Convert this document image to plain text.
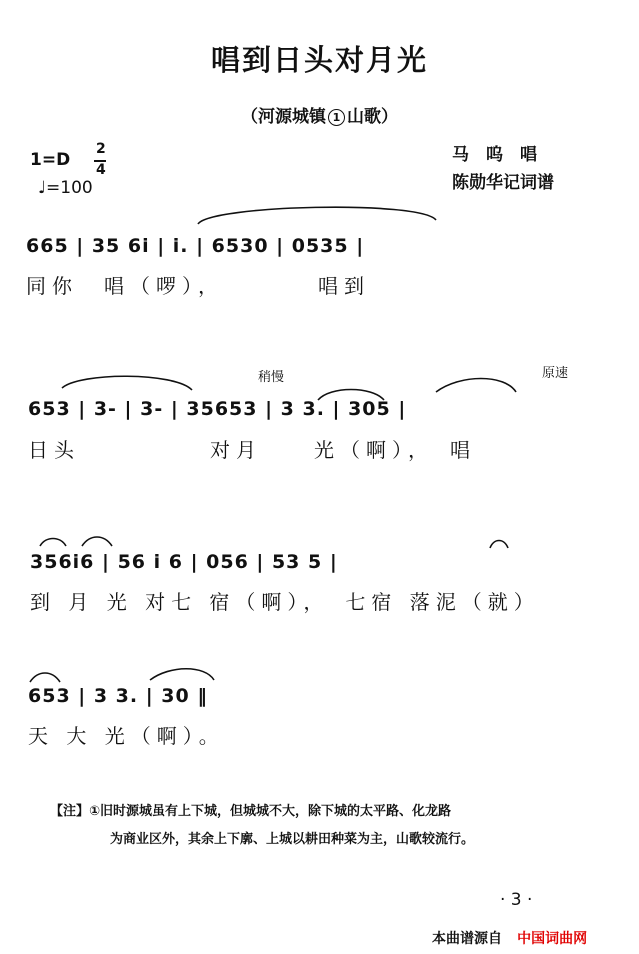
唱到日头对月光
（河源城镇 1 山歌）
1=D
2
4
♩=100
马　呜　唱
陈勋华记词谱
665 | 35 6i | i. | 6530 | 0535 |
同你　唱（啰），　　　　唱到
稍慢	原速
653 | 3- | 3- | 35653 | 3 3. | 305 |
日头　　　　　对月　　光（啊），　唱
356i6 | 56 i 6 | 056 | 53 5 |
到 月 光 对七 宿（啊），　七宿 落泥（就）
653 | 3 3. | 30 ‖
天 大 光（啊）。
【注】①旧时源城虽有上下城，但城城不大，除下城的太平路、化龙路
为商业区外，其余上下廓、上城以耕田种菜为主，山歌较流行。
· 3 ·
本曲谱源自 中国词曲网
